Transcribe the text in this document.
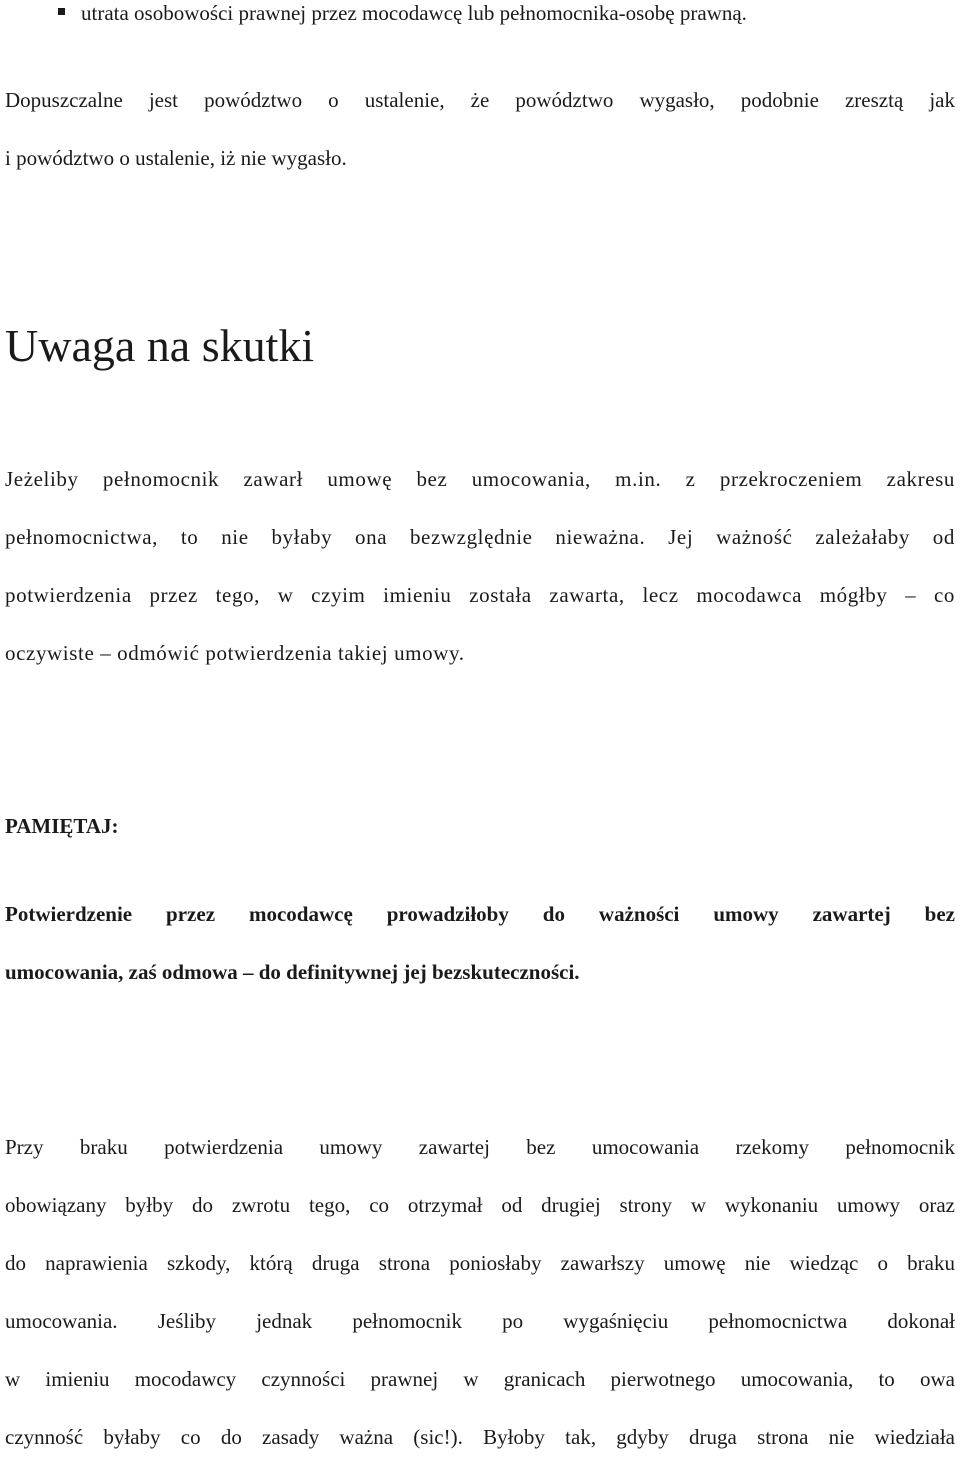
utrata osobowości prawnej przez mocodawcę lub pełnomocnika-osobę prawną.
Dopuszczalne jest powództwo o ustalenie, że powództwo wygasło, podobnie zresztą jak
i powództwo o ustalenie, iż nie wygasło.
Uwaga na skutki
Jeżeliby pełnomocnik zawarł umowę bez umocowania, m.in. z przekroczeniem zakresu
pełnomocnictwa, to nie byłaby ona bezwzględnie nieważna. Jej ważność zależałaby od
potwierdzenia przez tego, w czyim imieniu została zawarta, lecz mocodawca mógłby – co
oczywiste – odmówić potwierdzenia takiej umowy.
PAMIĘTAJ:
Potwierdzenie przez mocodawcę prowadziłoby do ważności umowy zawartej bez
umocowania, zaś odmowa – do definitywnej jej bezskuteczności.
Przy braku potwierdzenia umowy zawartej bez umocowania rzekomy pełnomocnik
obowiązany byłby do zwrotu tego, co otrzymał od drugiej strony w wykonaniu umowy oraz
do naprawienia szkody, którą druga strona poniosłaby zawarłszy umowę nie wiedząc o braku
umocowania. Jeśliby jednak pełnomocnik po wygaśnięciu pełnomocnictwa dokonał
w imieniu mocodawcy czynności prawnej w granicach pierwotnego umocowania, to owa
czynność byłaby co do zasady ważna (sic!). Byłoby tak, gdyby druga strona nie wiedziała
